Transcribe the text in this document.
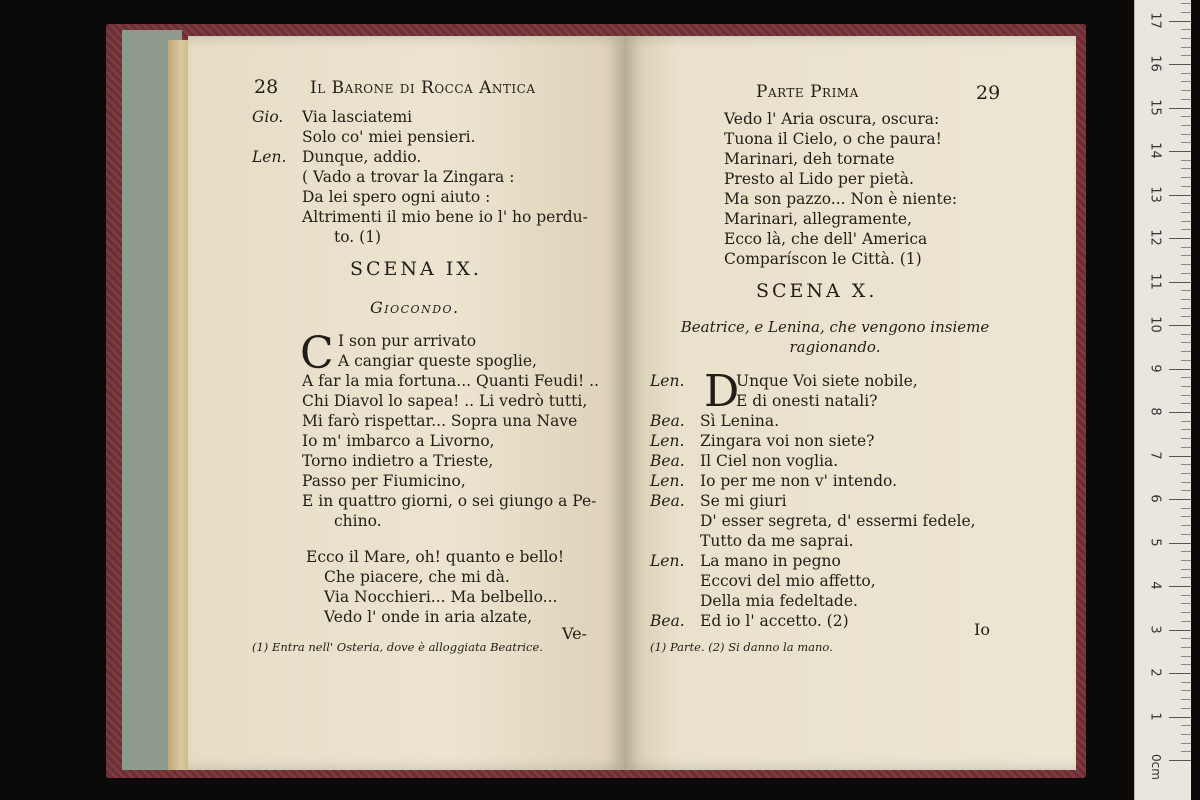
28 Il Barone di Rocca Antica
Gio. Via lasciatemi
Solo co' miei pensieri.
Len. Dunque, addio.
( Vado a trovar la Zingara :
Da lei spero ogni aiuto :
Altrimenti il mio bene io l' ho perdu-
to. (1)
SCENA IX.
Giocondo.
C I son pur arrivato
A cangiar queste spoglie,
A far la mia fortuna... Quanti Feudi! ..
Chi Diavol lo sapea! .. Li vedrò tutti,
Mi farò rispettar... Sopra una Nave
Io m' imbarco a Livorno,
Torno indietro a Trieste,
Passo per Fiumicino,
E in quattro giorni, o sei giungo a Pe-
chino.
Ecco il Mare, oh! quanto e bello!
Che piacere, che mi dà.
Via Nocchieri... Ma belbello...
Vedo l' onde in aria alzate,
Ve-
(1) Entra nell' Osteria, dove è alloggiata Beatrice.
Parte Prima	29
Vedo l' Aria oscura, oscura:
Tuona il Cielo, o che paura!
Marinari, deh tornate
Presto al Lido per pietà.
Ma son pazzo... Non è niente:
Marinari, allegramente,
Ecco là, che dell' America
Comparíscon le Città. (1)
SCENA X.
Beatrice, e Lenina, che vengono insieme
ragionando.
D
Len.	Unque Voi siete nobile,
E di onesti natali?
Bea. Sì Lenina.
Len. Zingara voi non siete?
Bea. Il Ciel non voglia.
Len. Io per me non v' intendo.
Bea. Se mi giuri
D' esser segreta, d' essermi fedele,
Tutto da me saprai.
Len. La mano in pegno
Eccovi del mio affetto,
Della mia fedeltade.
Bea. Ed io l' accetto. (2)	Io
(1) Parte. (2) Si danno la mano.
1
2
3
4
5
6
7
8
9
10
11
12
13
14
15
16
17
0cm
